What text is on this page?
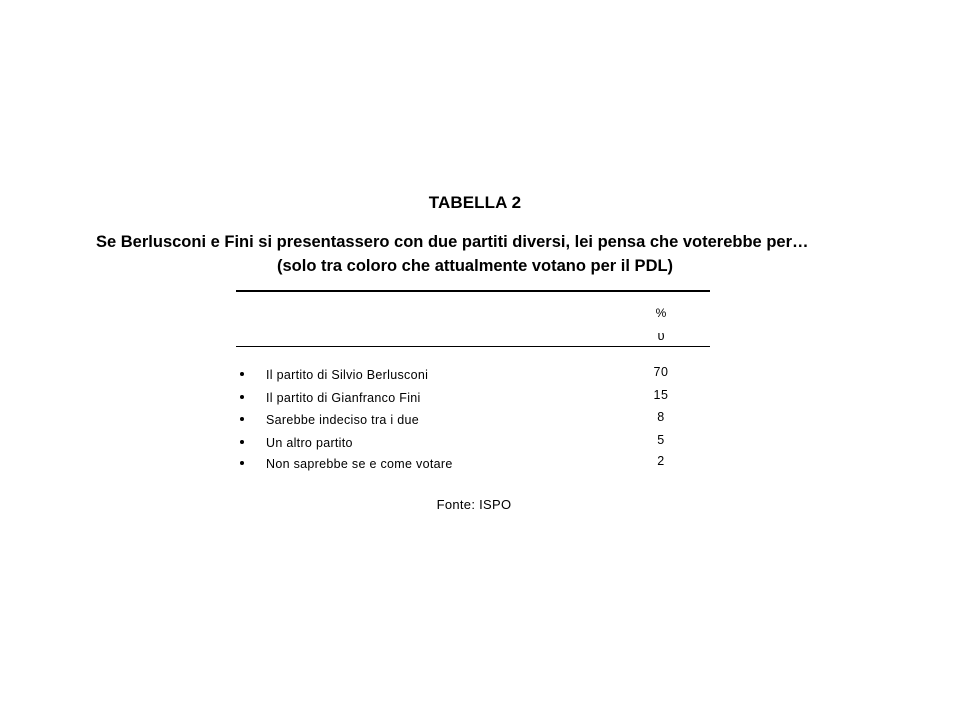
TABELLA 2
Se Berlusconi e Fini si presentassero con due partiti diversi, lei pensa che voterebbe per…
(solo tra coloro che attualmente votano per il PDL)
%
υ
Il partito di Silvio Berlusconi	70
Il partito di Gianfranco Fini	15
Sarebbe indeciso tra i due	8
Un altro partito	5
Non saprebbe se e come votare	2
Fonte: ISPO
